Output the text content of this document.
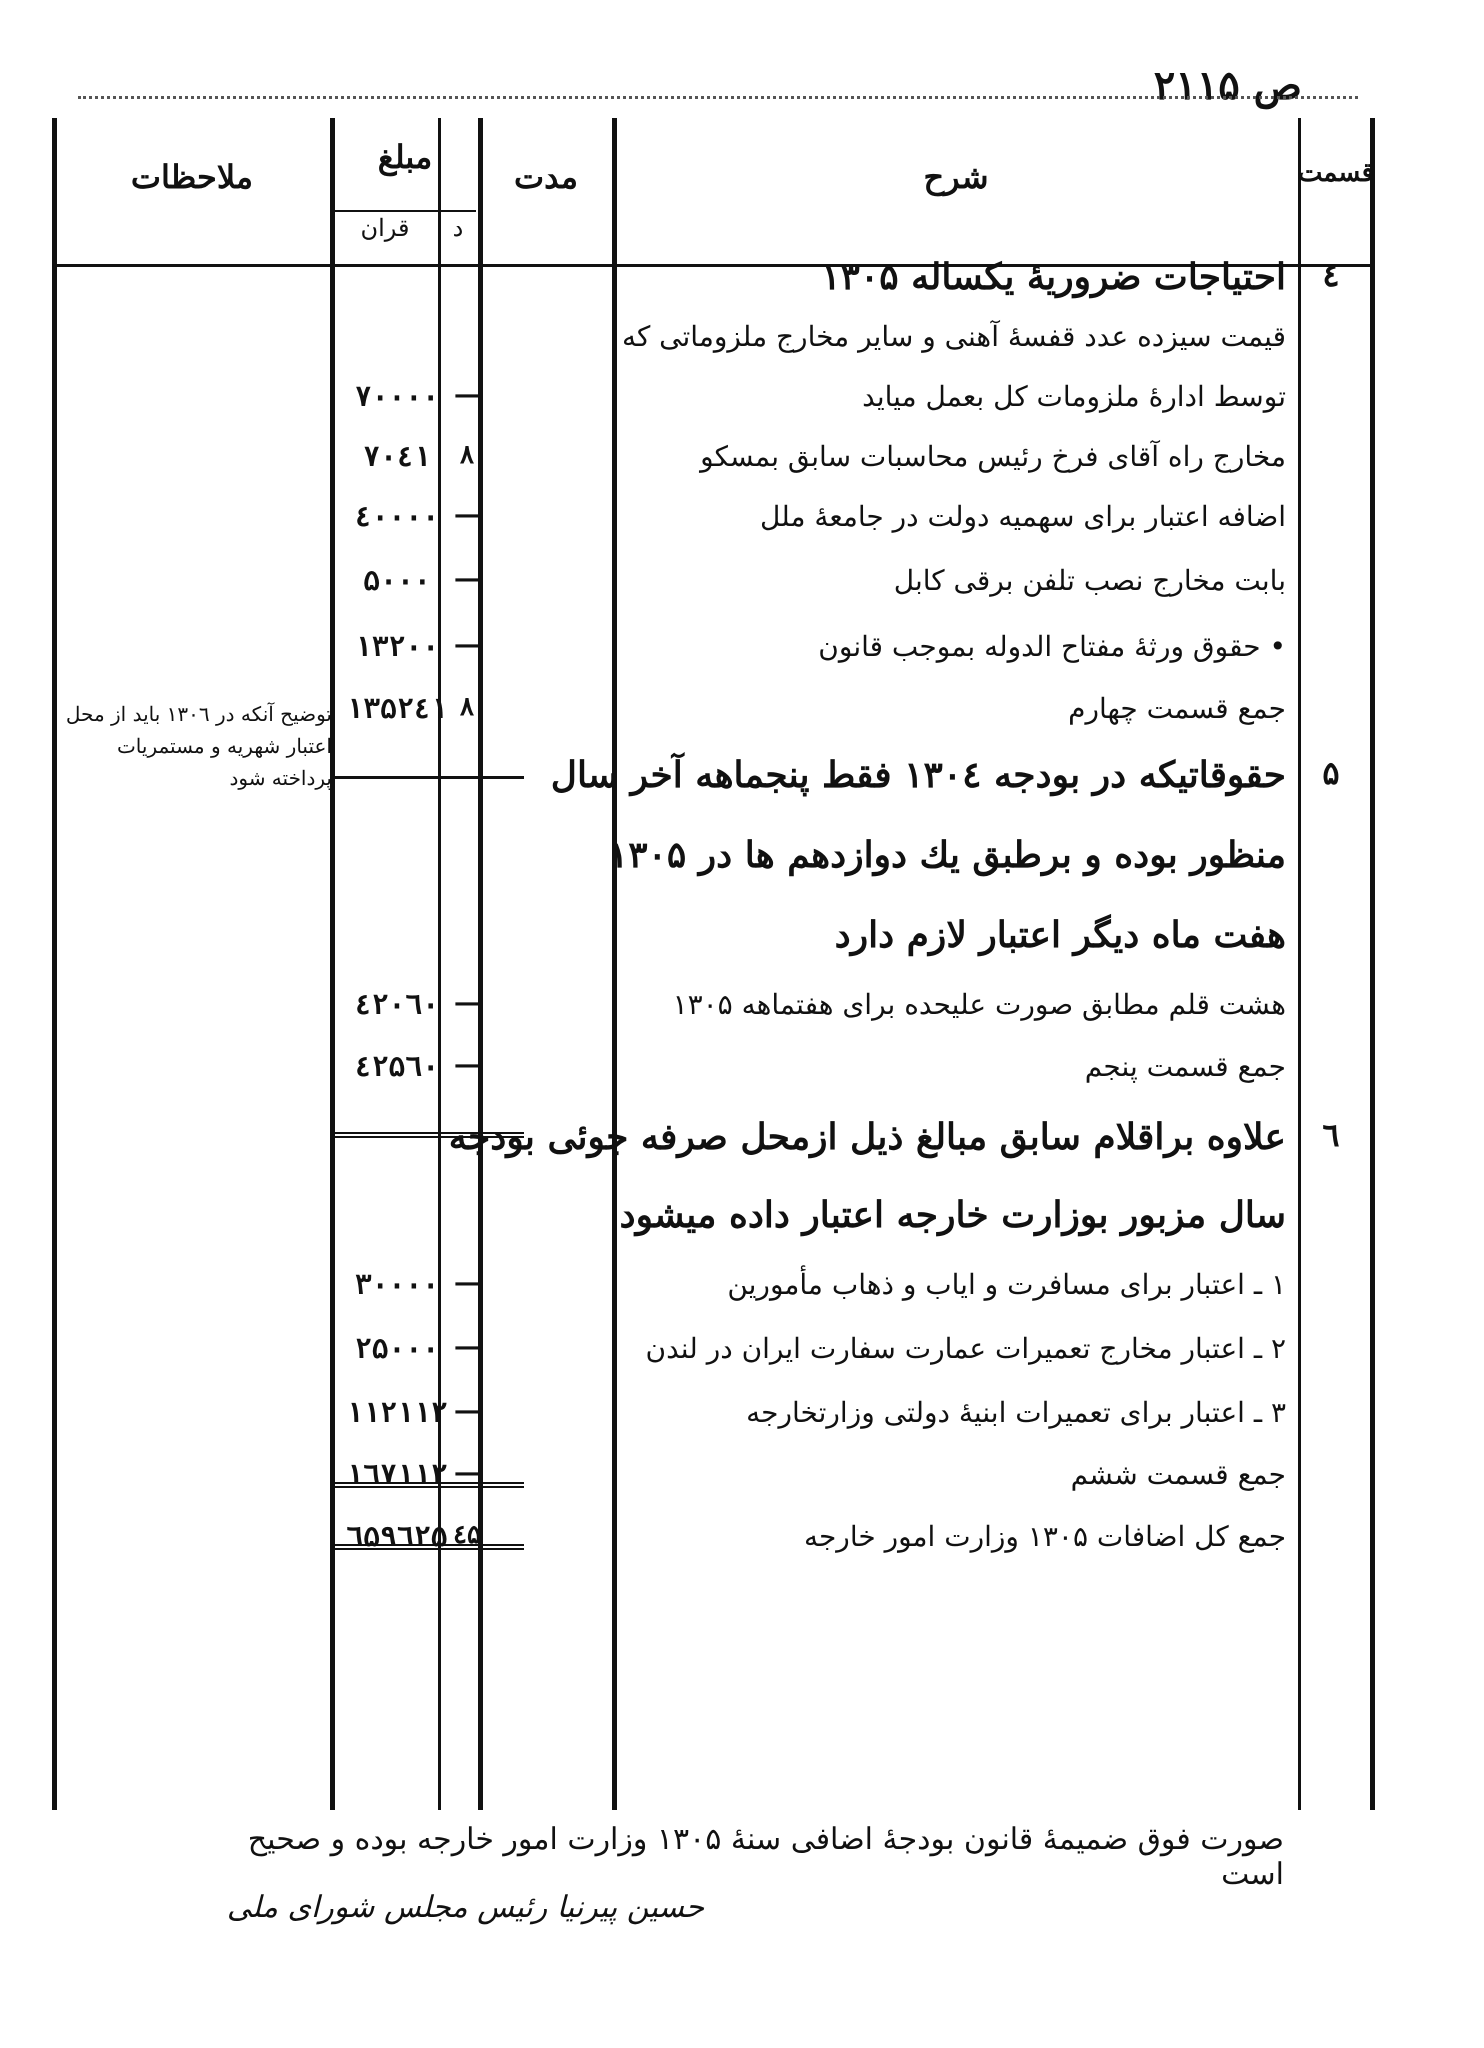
ص ۲۱۱۵
قسمت
شرح
مدت
مبلغ
قران	د
ملاحظات
٤
احتیاجات ضروریهٔ یکساله ۱۳۰۵
قیمت سیزده عدد قفسهٔ آهنی و سایر مخارج ملزوماتی که
توسط ادارهٔ ملزومات کل بعمل میاید
۷۰۰۰۰ —
مخارج راه آقای فرخ رئیس محاسبات سابق بمسکو
۷۰٤۱	۸
اضافه اعتبار برای سهمیه دولت در جامعهٔ ملل
٤۰۰۰۰ —
بابت مخارج نصب تلفن برقی کابل
۵۰۰۰ —
• حقوق ورثهٔ مفتاح الدوله بموجب قانون
۱۳۲۰۰ —
جمع قسمت چهارم
۱۳۵۲٤۱ ۸
۵
حقوقاتیکه در بودجه ۱۳۰٤ فقط پنجماهه آخر سال
منظور بوده و برطبق یك دوازدهم ها در ۱۳۰۵
هفت ماه دیگر اعتبار لازم دارد
هشت قلم مطابق صورت علیحده برای هفتماهه ۱۳۰۵
٤۲۰٦۰ —
جمع قسمت پنجم
٤۲۵٦۰ —
٦
علاوه براقلام سابق مبالغ ذیل ازمحل صرفه جوئی بودجه
سال مزبور بوزارت خارجه اعتبار داده میشود
۱ ـ اعتبار برای مسافرت و اياب و ذهاب مأمورين
۳۰۰۰۰ —
۲ ـ اعتبار مخارج تعمیرات عمارت سفارت ایران در لندن
۲۵۰۰۰ —
۳ ـ اعتبار برای تعمیرات ابنیهٔ دولتی وزارتخارجه
۱۱۲۱۱۲ —
جمع قسمت ششم
۱٦۷۱۱۲ —
جمع کل اضافات ۱۳۰۵ وزارت امور خارجه
٦۵۹٦۲۵ ٤۵
توضیح آنکه در ۱۳۰٦ باید از محل اعتبار شهریه و مستمریات پرداخته شود
صورت فوق ضمیمهٔ قانون بودجهٔ اضافی سنهٔ ۱۳۰۵ وزارت امور خارجه بوده و صحیح است
حسین پیرنیا رئیس مجلس شورای ملی
